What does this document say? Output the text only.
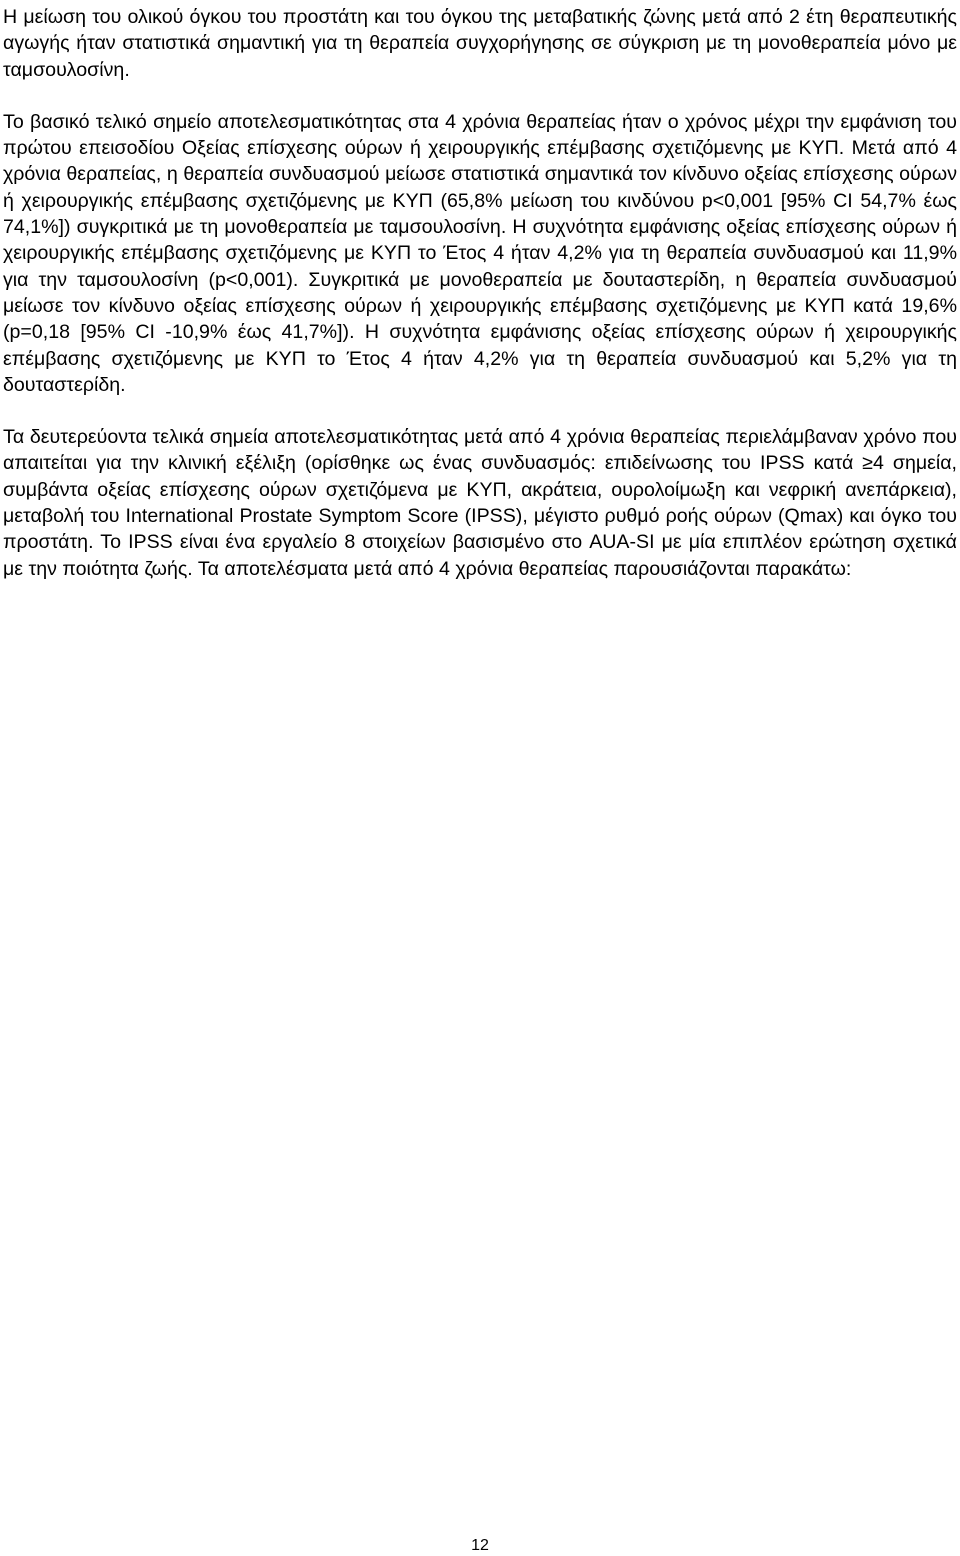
Η μείωση του ολικού όγκου του προστάτη και του όγκου της μεταβατικής ζώνης μετά από 2 έτη θεραπευτικής αγωγής ήταν στατιστικά σημαντική για τη θεραπεία συγχορήγησης σε σύγκριση με τη μονοθεραπεία μόνο με ταμσουλοσίνη.

Το βασικό τελικό σημείο αποτελεσματικότητας στα 4 χρόνια θεραπείας ήταν ο χρόνος μέχρι την εμφάνιση του πρώτου επεισοδίου Οξείας επίσχεσης ούρων ή χειρουργικής επέμβασης σχετιζόμενης με ΚΥΠ. Μετά από 4 χρόνια θεραπείας, η θεραπεία συνδυασμού μείωσε στατιστικά σημαντικά τον κίνδυνο οξείας επίσχεσης ούρων ή χειρουργικής επέμβασης σχετιζόμενης με ΚΥΠ (65,8% μείωση του κινδύνου p<0,001 [95% CI 54,7% έως 74,1%]) συγκριτικά με τη μονοθεραπεία με ταμσουλοσίνη. Η συχνότητα εμφάνισης οξείας επίσχεσης ούρων ή χειρουργικής επέμβασης σχετιζόμενης με ΚΥΠ το Έτος 4 ήταν 4,2% για τη θεραπεία συνδυασμού και 11,9% για την ταμσουλοσίνη (p<0,001). Συγκριτικά με μονοθεραπεία με δουταστερίδη, η θεραπεία συνδυασμού μείωσε τον κίνδυνο οξείας επίσχεσης ούρων ή χειρουργικής επέμβασης σχετιζόμενης με ΚΥΠ κατά 19,6% (p=0,18 [95% CI -10,9% έως 41,7%]). Η συχνότητα εμφάνισης οξείας επίσχεσης ούρων ή χειρουργικής επέμβασης σχετιζόμενης με ΚΥΠ το Έτος 4 ήταν 4,2% για τη θεραπεία συνδυασμού και 5,2% για τη δουταστερίδη.

Τα δευτερεύοντα τελικά σημεία αποτελεσματικότητας μετά από 4 χρόνια θεραπείας περιελάμβαναν χρόνο που απαιτείται για την κλινική εξέλιξη (ορίσθηκε ως ένας συνδυασμός: επιδείνωσης του IPSS κατά ≥4 σημεία, συμβάντα οξείας επίσχεσης ούρων σχετιζόμενα με ΚΥΠ, ακράτεια, ουρολοίμωξη και νεφρική ανεπάρκεια), μεταβολή του International Prostate Symptom Score (IPSS), μέγιστο ρυθμό ροής ούρων (Qmax) και όγκο του προστάτη. Το IPSS είναι ένα εργαλείο 8 στοιχείων βασισμένο στο AUA-SI με μία επιπλέον ερώτηση σχετικά με την ποιότητα ζωής. Τα αποτελέσματα μετά από 4 χρόνια θεραπείας παρουσιάζονται παρακάτω:

12
